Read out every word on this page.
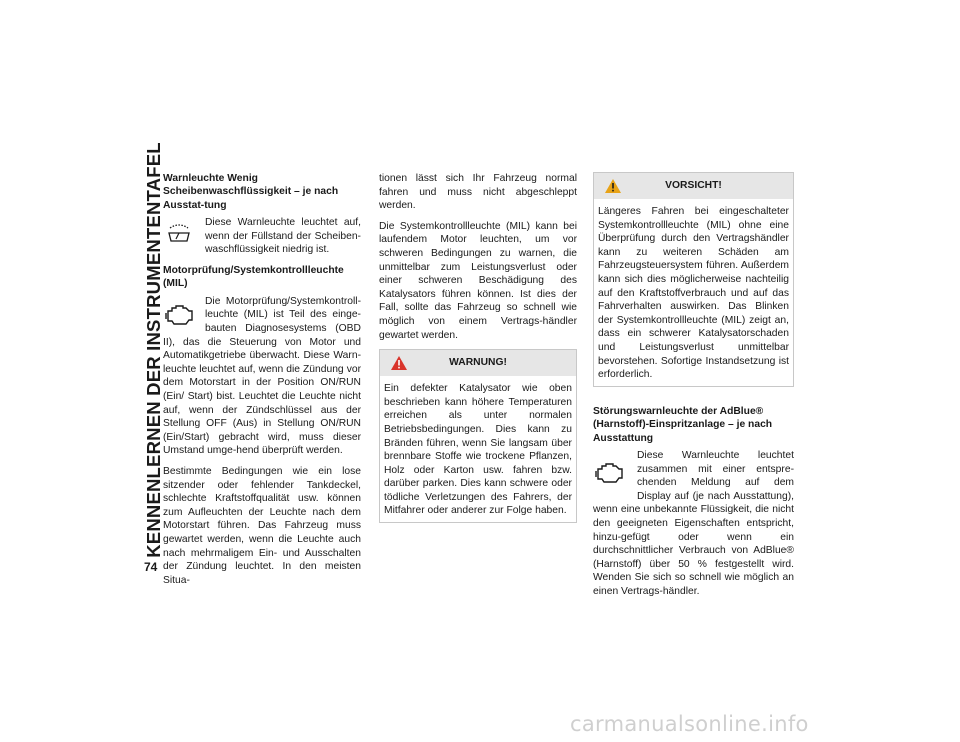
KENNENLERNEN DER INSTRUMENTENTAFEL
74
Warnleuchte Wenig Scheibenwaschflüssigkeit – je nach Ausstat-tung

Diese Warnleuchte leuchtet auf, wenn der Füllstand der Scheiben-waschflüssigkeit niedrig ist.

Motorprüfung/Systemkontrollleuchte (MIL)

Die Motorprüfung/Systemkontroll-leuchte (MIL) ist Teil des einge-bauten Diagnosesystems (OBD II), das die Steuerung von Motor und Automatikgetriebe überwacht. Diese Warn-leuchte leuchtet auf, wenn die Zündung vor dem Motorstart in der Position ON/RUN (Ein/ Start) bist. Leuchtet die Leuchte nicht auf, wenn der Zündschlüssel aus der Stellung OFF (Aus) in Stellung ON/RUN (Ein/Start) gebracht wird, muss dieser Umstand umge-hend überprüft werden.

Bestimmte Bedingungen wie ein lose sitzender oder fehlender Tankdeckel, schlechte Kraftstoffqualität usw. können zum Aufleuchten der Leuchte nach dem Motorstart führen. Das Fahrzeug muss gewartet werden, wenn die Leuchte auch nach mehrmaligem Ein- und Ausschalten der Zündung leuchtet. In den meisten Situa-

tionen lässt sich Ihr Fahrzeug normal fahren und muss nicht abgeschleppt werden.

Die Systemkontrollleuchte (MIL) kann bei laufendem Motor leuchten, um vor schweren Bedingungen zu warnen, die unmittelbar zum Leistungsverlust oder einer schweren Beschädigung des Katalysators führen können. Ist dies der Fall, sollte das Fahrzeug so schnell wie möglich von einem Vertrags-händler gewartet werden.

WARNUNG!

Ein defekter Katalysator wie oben beschrieben kann höhere Temperaturen erreichen als unter normalen Betriebsbedingungen. Dies kann zu Bränden führen, wenn Sie langsam über brennbare Stoffe wie trockene Pflanzen, Holz oder Karton usw. fahren bzw. darüber parken. Dies kann schwere oder tödliche Verletzungen des Fahrers, der Mitfahrer oder anderer zur Folge haben.

VORSICHT!

Längeres Fahren bei eingeschalteter Systemkontrollleuchte (MIL) ohne eine Überprüfung durch den Vertragshändler kann zu weiteren Schäden am Fahrzeugsteuersystem führen. Außerdem kann sich dies möglicherweise nachteilig auf den Kraftstoffverbrauch und auf das Fahrverhalten auswirken. Das Blinken der Systemkontrollleuchte (MIL) zeigt an, dass ein schwerer Katalysatorschaden und Leistungsverlust unmittelbar bevorstehen. Sofortige Instandsetzung ist erforderlich.

Störungswarnleuchte der AdBlue® (Harnstoff)-Einspritzanlage – je nach Ausstattung

Diese Warnleuchte leuchtet zusammen mit einer entspre-chenden Meldung auf dem Display auf (je nach Ausstattung), wenn eine unbekannte Flüssigkeit, die nicht den geeigneten Eigenschaften entspricht, hinzu-gefügt oder wenn ein durchschnittlicher Verbrauch von AdBlue® (Harnstoff) über 50 % festgestellt wird. Wenden Sie sich so schnell wie möglich an einen Vertrags-händler.

carmanualsonline.info
